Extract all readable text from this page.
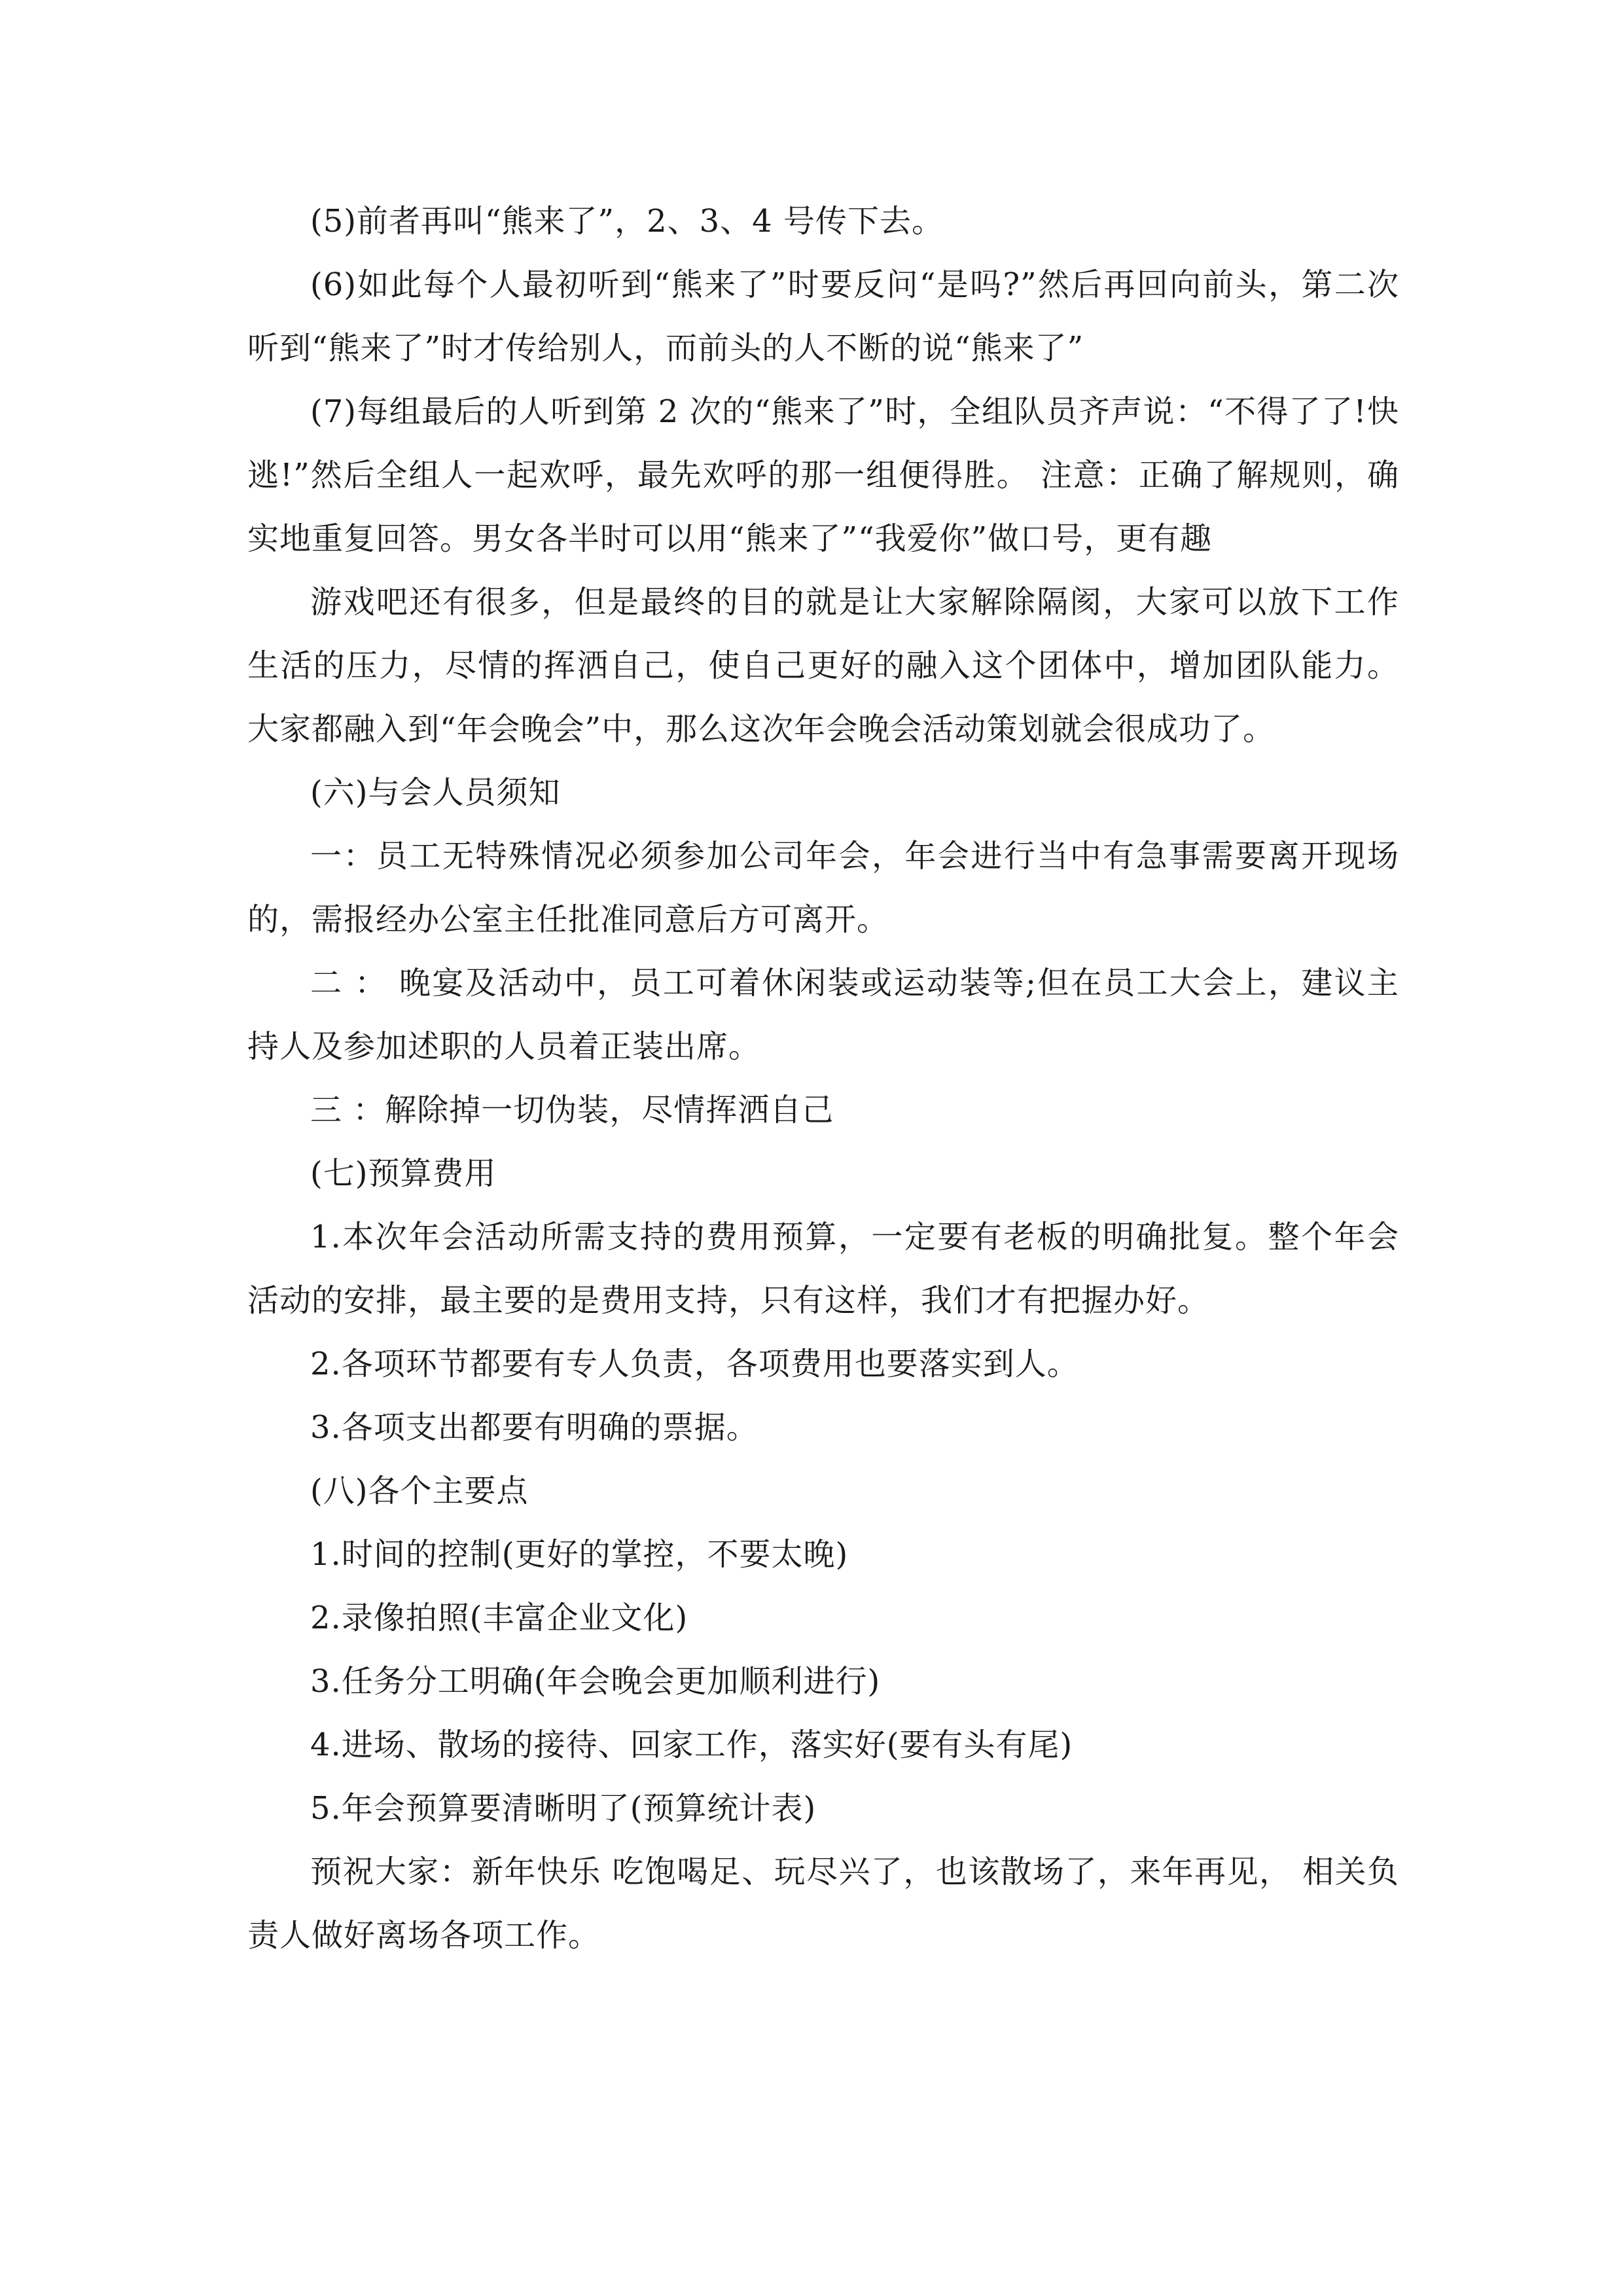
(5)前者再叫“熊来了”，2、3、4 号传下去。

(6)如此每个人最初听到“熊来了”时要反问“是吗?”然后再回向前头，第二次听到“熊来了”时才传给别人，而前头的人不断的说“熊来了”

(7)每组最后的人听到第 2 次的“熊来了”时，全组队员齐声说：“不得了了!快逃!”然后全组人一起欢呼，最先欢呼的那一组便得胜。 注意：正确了解规则，确实地重复回答。男女各半时可以用“熊来了”“我爱你”做口号，更有趣

游戏吧还有很多，但是最终的目的就是让大家解除隔阂，大家可以放下工作生活的压力，尽情的挥洒自己，使自己更好的融入这个团体中，增加团队能力。大家都融入到“年会晚会”中，那么这次年会晚会活动策划就会很成功了。

(六)与会人员须知

一：员工无特殊情况必须参加公司年会，年会进行当中有急事需要离开现场的，需报经办公室主任批准同意后方可离开。

二 ： 晚宴及活动中，员工可着休闲装或运动装等;但在员工大会上，建议主持人及参加述职的人员着正装出席。

三 ：解除掉一切伪装，尽情挥洒自己

(七)预算费用

1.本次年会活动所需支持的费用预算，一定要有老板的明确批复。整个年会活动的安排，最主要的是费用支持，只有这样，我们才有把握办好。

2.各项环节都要有专人负责，各项费用也要落实到人。

3.各项支出都要有明确的票据。

(八)各个主要点

1.时间的控制(更好的掌控，不要太晚)

2.录像拍照(丰富企业文化)

3.任务分工明确(年会晚会更加顺利进行)

4.进场、散场的接待、回家工作，落实好(要有头有尾)

5.年会预算要清晰明了(预算统计表)

预祝大家：新年快乐 吃饱喝足、玩尽兴了，也该散场了，来年再见， 相关负责人做好离场各项工作。
